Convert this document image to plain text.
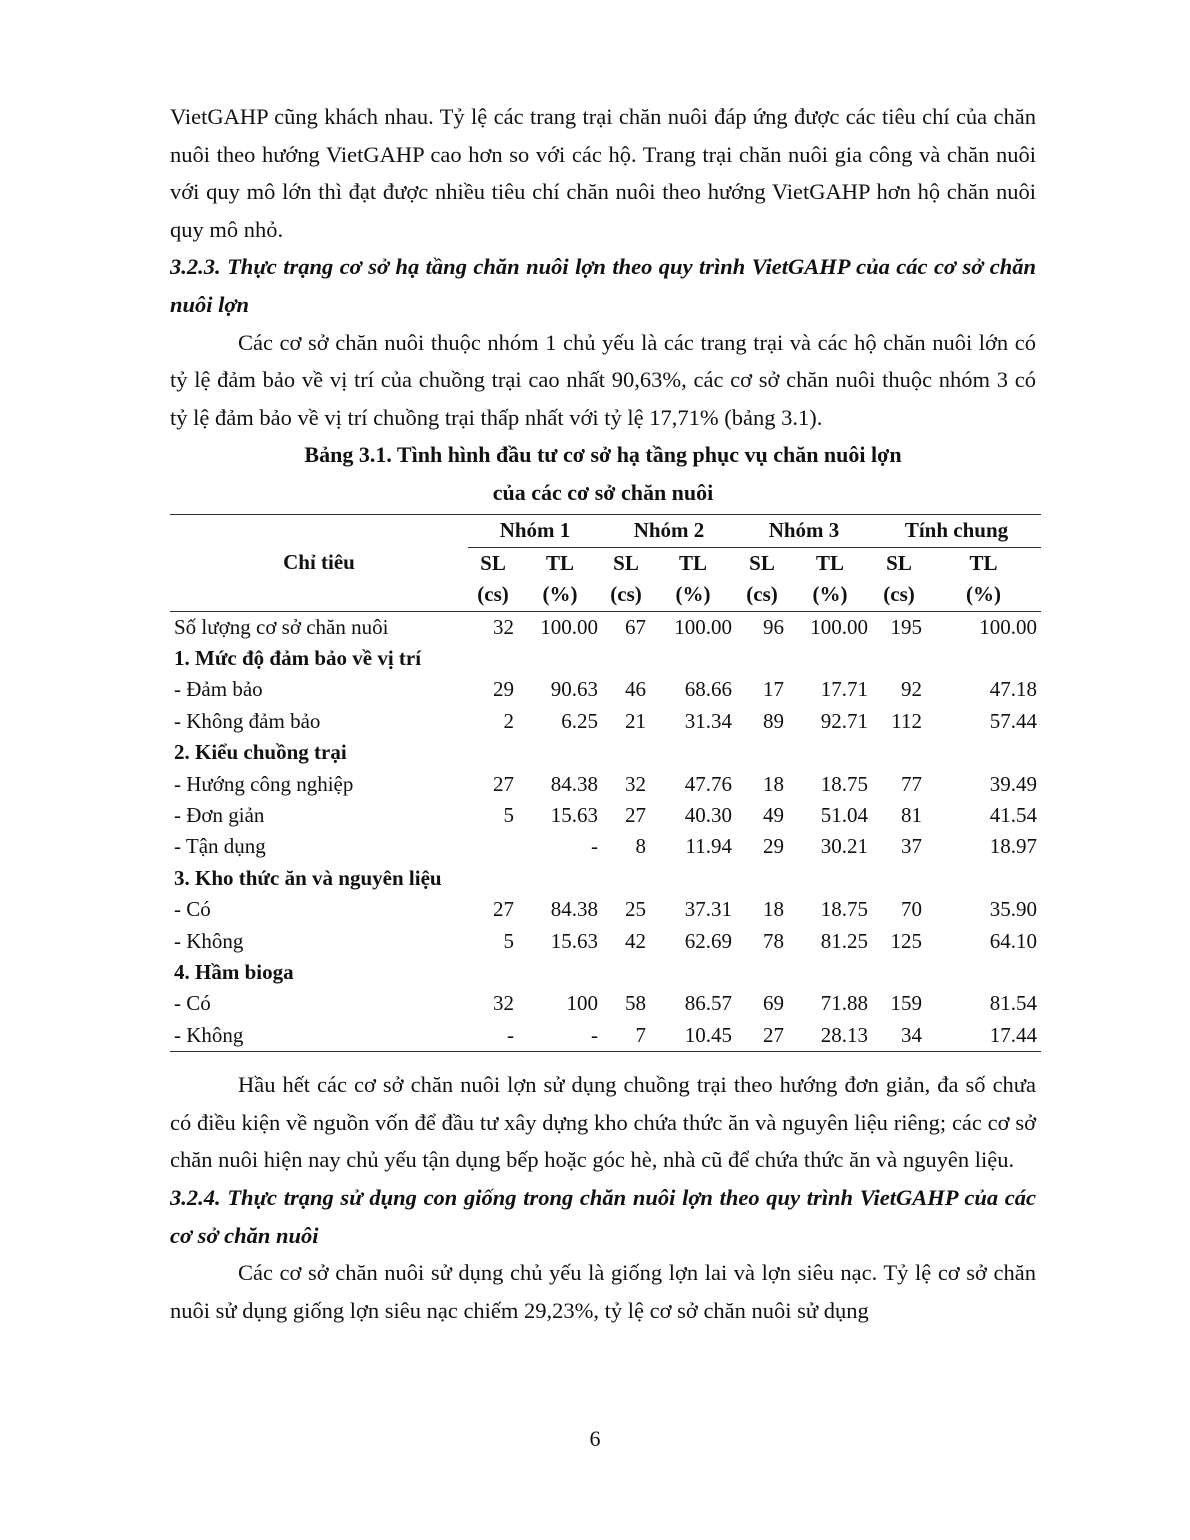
VietGAHP cũng khách nhau. Tỷ lệ các trang trại chăn nuôi đáp ứng được các tiêu chí của chăn nuôi theo hướng VietGAHP cao hơn so với các hộ. Trang trại chăn nuôi gia công và chăn nuôi với quy mô lớn thì đạt được nhiều tiêu chí chăn nuôi theo hướng VietGAHP hơn hộ chăn nuôi quy mô nhỏ.

3.2.3. Thực trạng cơ sở hạ tầng chăn nuôi lợn theo quy trình VietGAHP của các cơ sở chăn nuôi lợn

Các cơ sở chăn nuôi thuộc nhóm 1 chủ yếu là các trang trại và các hộ chăn nuôi lớn có tỷ lệ đảm bảo về vị trí của chuồng trại cao nhất 90,63%, các cơ sở chăn nuôi thuộc nhóm 3 có tỷ lệ đảm bảo về vị trí chuồng trại thấp nhất với tỷ lệ 17,71% (bảng 3.1).

Bảng 3.1. Tình hình đầu tư cơ sở hạ tầng phục vụ chăn nuôi lợn
của các cơ sở chăn nuôi
Chỉ tiêu	Nhóm 1		Nhóm 2		Nhóm 3		Tính chung	
	SL	TL	SL	TL	SL	TL	SL	TL
	(cs)	(%)	(cs)	(%)	(cs)	(%)	(cs)	(%)
Số lượng cơ sở chăn nuôi	32	100.00	67	100.00	96	100.00	195	100.00
1. Mức độ đảm bảo về vị trí								
- Đảm bảo	29	90.63	46	68.66	17	17.71	92	47.18
- Không đảm bảo	2	6.25	21	31.34	89	92.71	112	57.44
2. Kiểu chuồng trại								
- Hướng công nghiệp	27	84.38	32	47.76	18	18.75	77	39.49
- Đơn giản	5	15.63	27	40.30	49	51.04	81	41.54
- Tận dụng		-	8	11.94	29	30.21	37	18.97
3. Kho thức ăn và nguyên liệu								
- Có	27	84.38	25	37.31	18	18.75	70	35.90
- Không	5	15.63	42	62.69	78	81.25	125	64.10
4. Hầm bioga								
- Có	32	100	58	86.57	69	71.88	159	81.54
- Không	-	-	7	10.45	27	28.13	34	17.44

Hầu hết các cơ sở chăn nuôi lợn sử dụng chuồng trại theo hướng đơn giản, đa số chưa có điều kiện về nguồn vốn để đầu tư xây dựng kho chứa thức ăn và nguyên liệu riêng; các cơ sở chăn nuôi hiện nay chủ yếu tận dụng bếp hoặc góc hè, nhà cũ để chứa thức ăn và nguyên liệu.

3.2.4. Thực trạng sử dụng con giống trong chăn nuôi lợn theo quy trình VietGAHP của các cơ sở chăn nuôi

Các cơ sở chăn nuôi sử dụng chủ yếu là giống lợn lai và lợn siêu nạc. Tỷ lệ cơ sở chăn nuôi sử dụng giống lợn siêu nạc chiếm 29,23%, tỷ lệ cơ sở chăn nuôi sử dụng

6
